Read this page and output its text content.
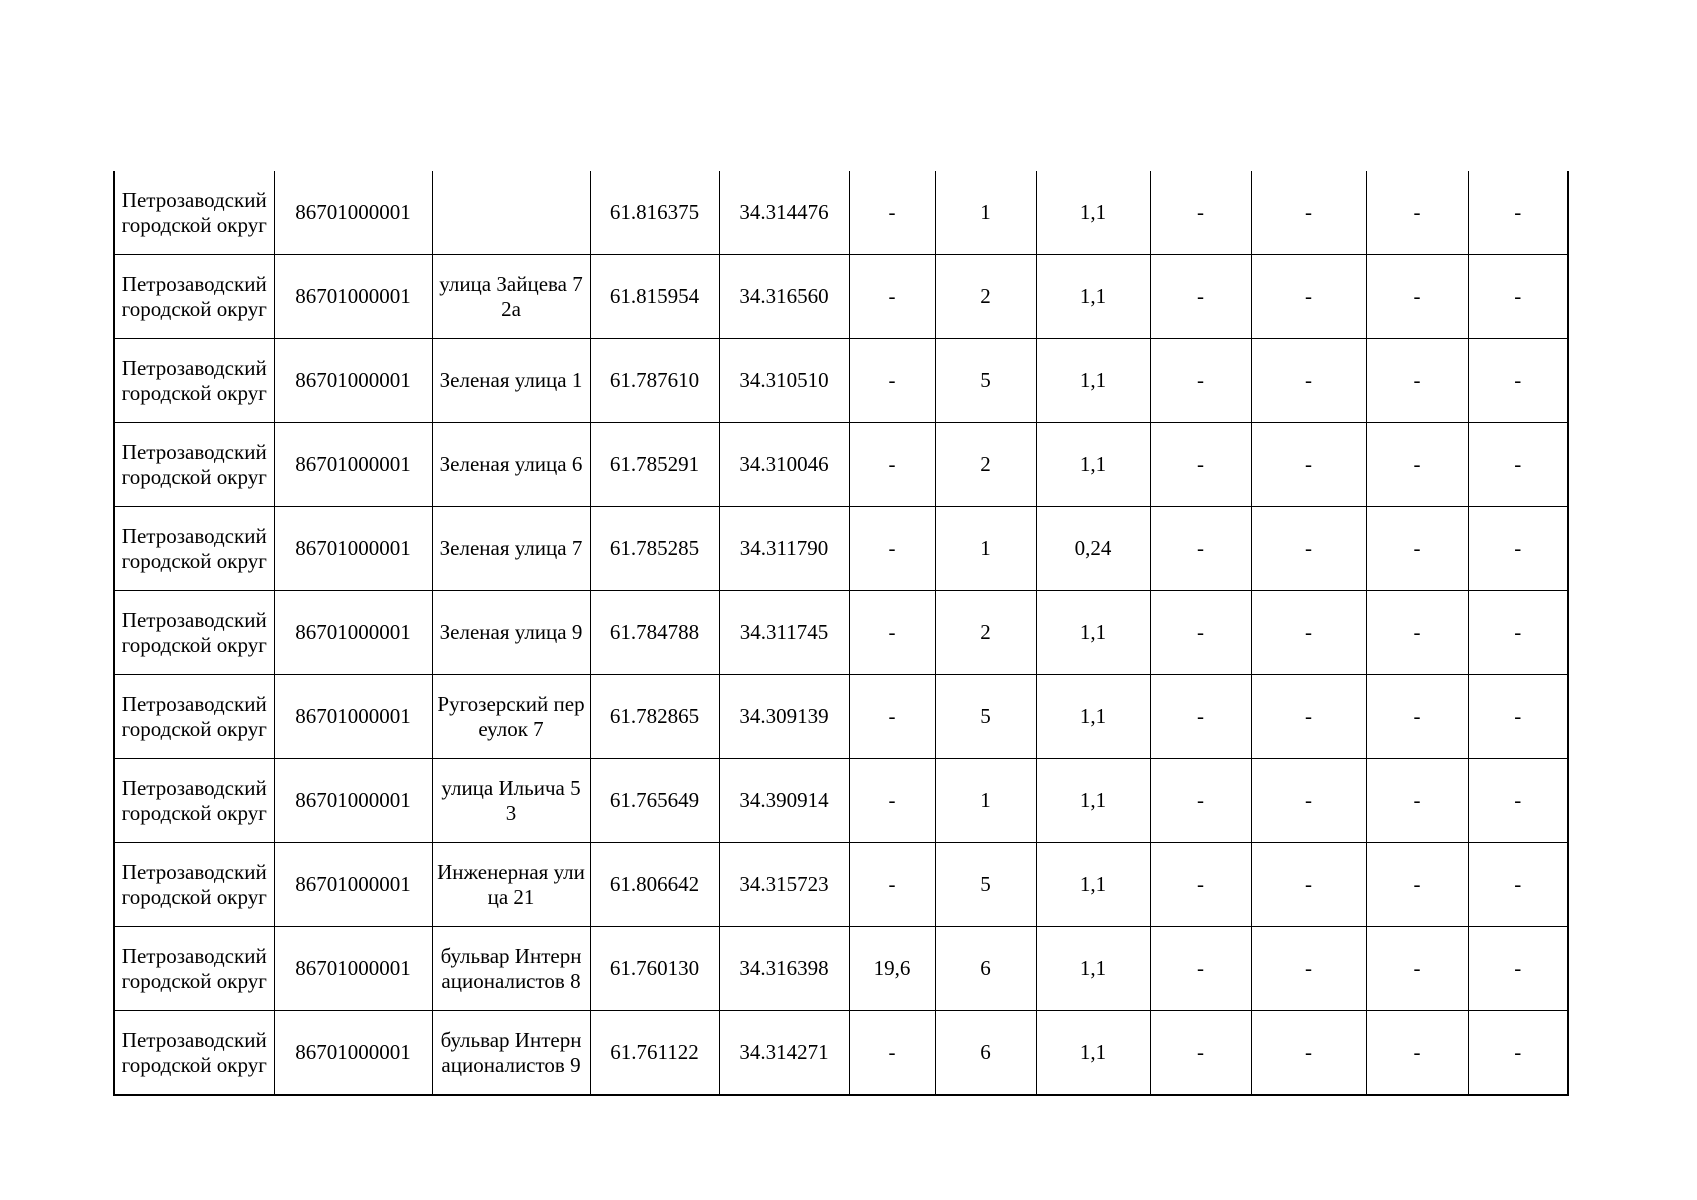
Петрозаводский городской округ	86701000001		61.816375	34.314476	-	1	1,1	-	-	-	-

Петрозаводский городской округ	86701000001	улица Зайцева 72а	61.815954	34.316560	-	2	1,1	-	-	-	-

Петрозаводский городской округ	86701000001	Зеленая улица 1	61.787610	34.310510	-	5	1,1	-	-	-	-

Петрозаводский городской округ	86701000001	Зеленая улица 6	61.785291	34.310046	-	2	1,1	-	-	-	-

Петрозаводский городской округ	86701000001	Зеленая улица 7	61.785285	34.311790	-	1	0,24	-	-	-	-

Петрозаводский городской округ	86701000001	Зеленая улица 9	61.784788	34.311745	-	2	1,1	-	-	-	-

Петрозаводский городской округ	86701000001	Ругозерский переулок 7	61.782865	34.309139	-	5	1,1	-	-	-	-

Петрозаводский городской округ	86701000001	улица Ильича 53	61.765649	34.390914	-	1	1,1	-	-	-	-

Петрозаводский городской округ	86701000001	Инженерная улица 21	61.806642	34.315723	-	5	1,1	-	-	-	-

Петрозаводский городской округ	86701000001	бульвар Интернационалистов 8	61.760130	34.316398	19,6	6	1,1	-	-	-	-

Петрозаводский городской округ	86701000001	бульвар Интернационалистов 9	61.761122	34.314271	-	6	1,1	-	-	-	-
